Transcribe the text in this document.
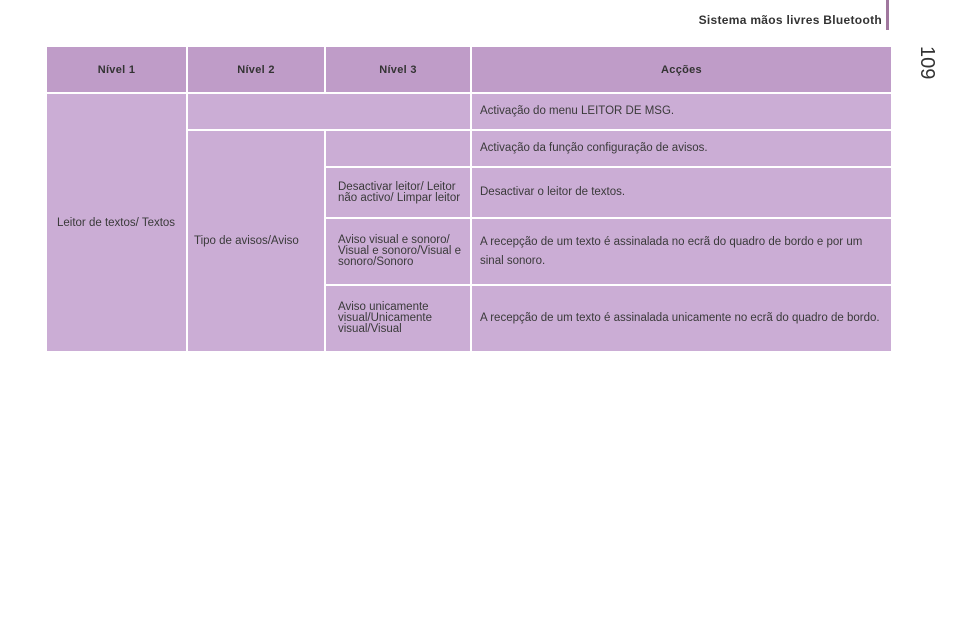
Sistema mãos livres Bluetooth
109
Nível 1	Nível 2	Nível 3	Acções
Leitor de textos/ Textos			Activação do menu LEITOR DE MSG.
	Tipo de avisos/Aviso		Activação da função configuração de avisos.
		Desactivar leitor/ Leitor não activo/ Limpar leitor	Desactivar o leitor de textos.
		Aviso visual e sonoro/ Visual e sonoro/Visual e sonoro/Sonoro	A recepção de um texto é assinalada no ecrã do quadro de bordo e por um sinal sonoro.
		Aviso unicamente visual/Unicamente visual/Visual	A recepção de um texto é assinalada unicamente no ecrã do quadro de bordo.
